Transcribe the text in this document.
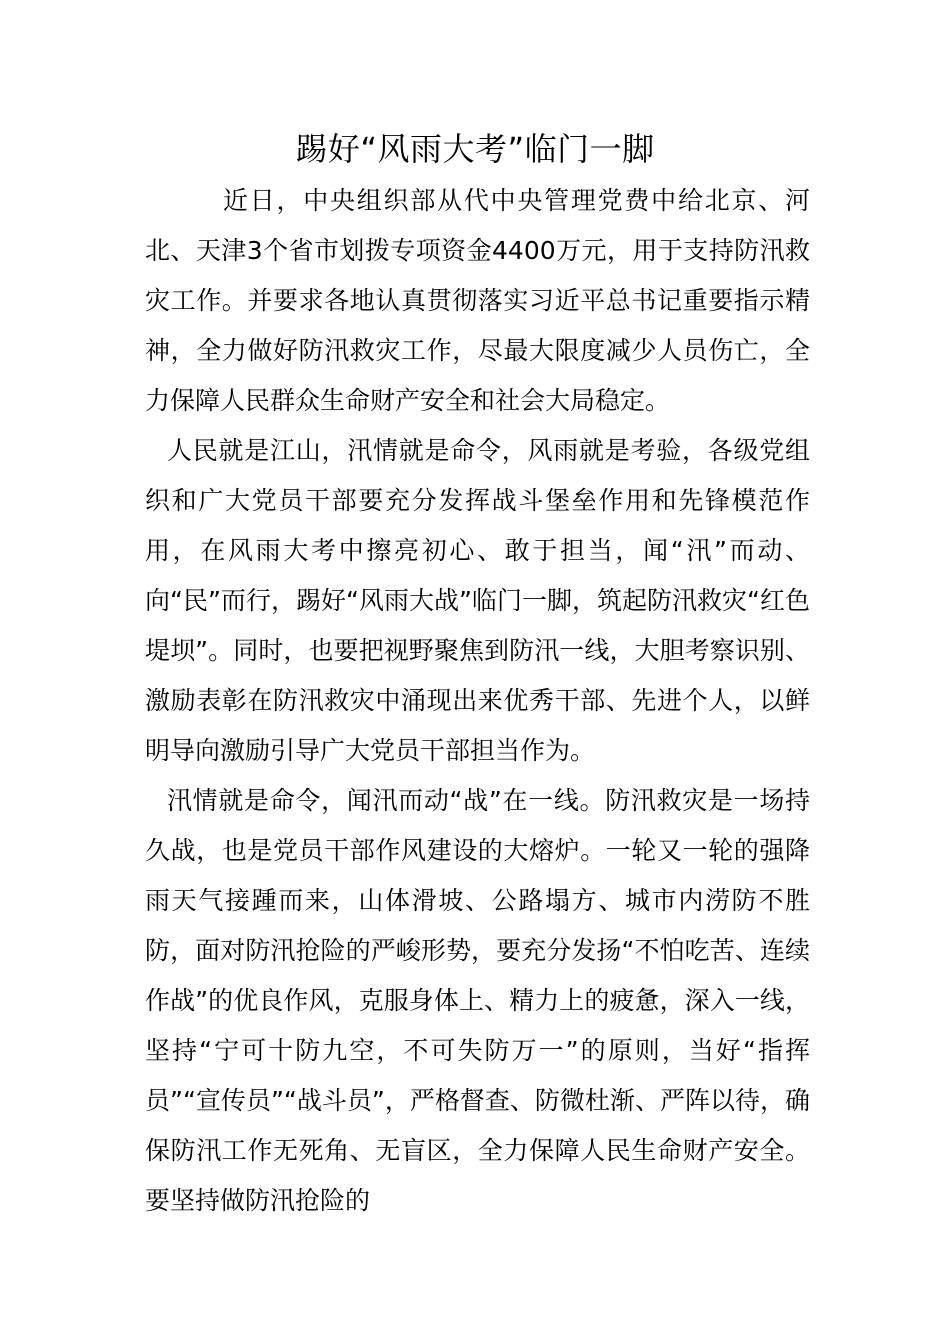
踢好“风雨大考”临门一脚

近日，中央组织部从代中央管理党费中给北京、河北、天津3个省市划拨专项资金4400万元，用于支持防汛救灾工作。并要求各地认真贯彻落实习近平总书记重要指示精神，全力做好防汛救灾工作，尽最大限度减少人员伤亡，全力保障人民群众生命财产安全和社会大局稳定。

人民就是江山，汛情就是命令，风雨就是考验，各级党组织和广大党员干部要充分发挥战斗堡垒作用和先锋模范作用，在风雨大考中擦亮初心、敢于担当，闻“汛”而动、向“民”而行，踢好“风雨大战”临门一脚，筑起防汛救灾“红色堤坝”。同时，也要把视野聚焦到防汛一线，大胆考察识别、激励表彰在防汛救灾中涌现出来优秀干部、先进个人，以鲜明导向激励引导广大党员干部担当作为。

汛情就是命令，闻汛而动“战”在一线。防汛救灾是一场持久战，也是党员干部作风建设的大熔炉。一轮又一轮的强降雨天气接踵而来，山体滑坡、公路塌方、城市内涝防不胜防，面对防汛抢险的严峻形势，要充分发扬“不怕吃苦、连续作战”的优良作风，克服身体上、精力上的疲惫，深入一线，坚持“宁可十防九空，不可失防万一”的原则，当好“指挥员”“宣传员”“战斗员”，严格督查、防微杜渐、严阵以待，确保防汛工作无死角、无盲区，全力保障人民生命财产安全。要坚持做防汛抢险的
